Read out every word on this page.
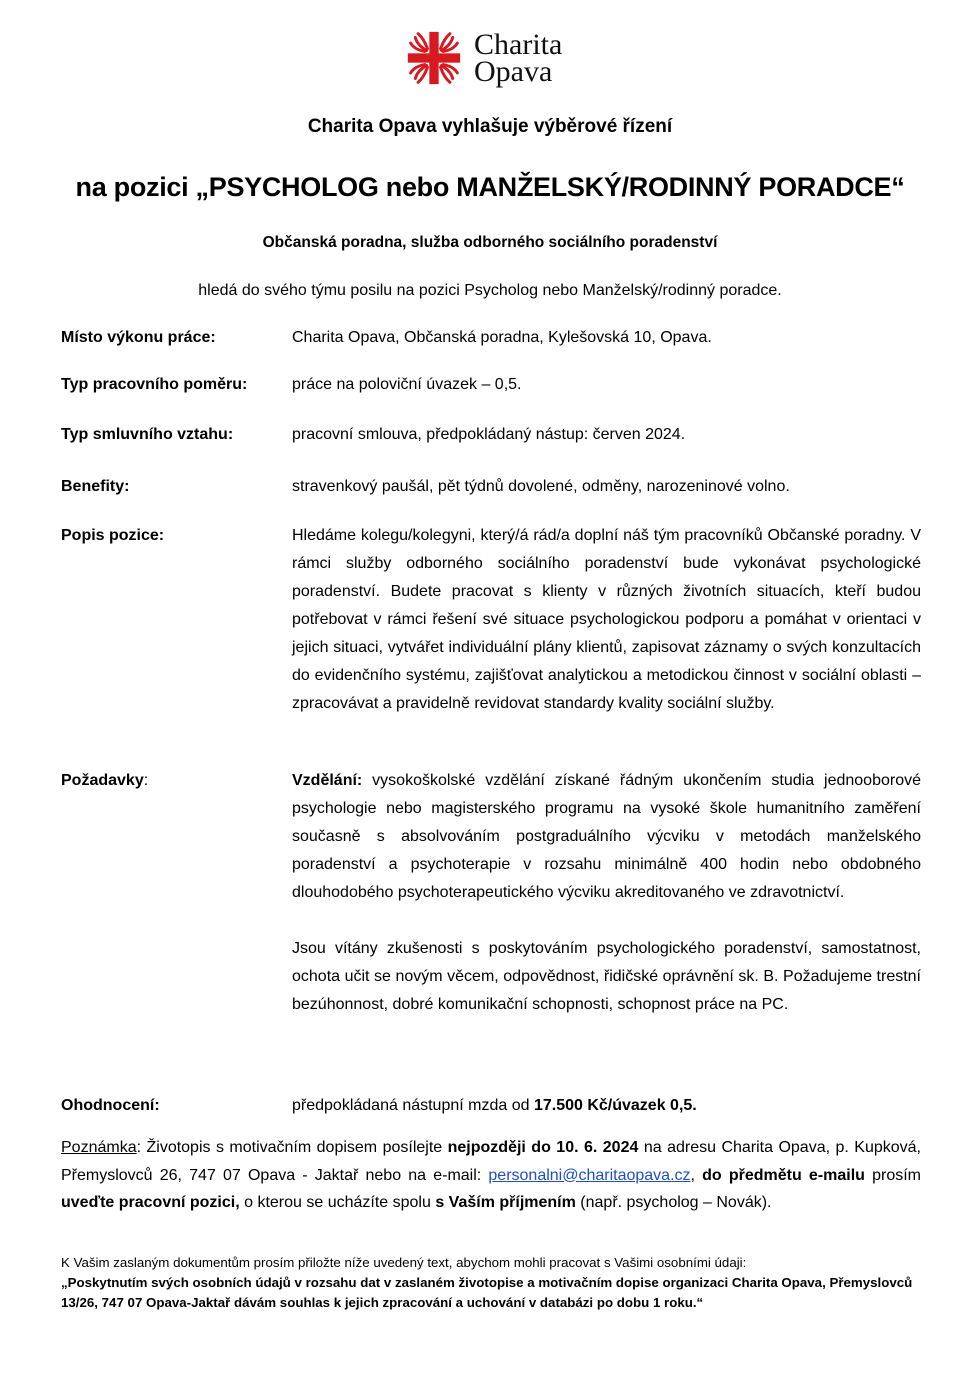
Charita
Opava
Charita Opava vyhlašuje výběrové řízení
na pozici „PSYCHOLOG nebo MANŽELSKÝ/RODINNÝ PORADCE“
Občanská poradna, služba odborného sociálního poradenství
hledá do svého týmu posilu na pozici Psycholog nebo Manželský/rodinný poradce.
Místo výkonu práce:	Charita Opava, Občanská poradna, Kylešovská 10, Opava.
Typ pracovního poměru:	práce na poloviční úvazek – 0,5.
Typ smluvního vztahu:	pracovní smlouva, předpokládaný nástup: červen 2024.
Benefity:	stravenkový paušál, pět týdnů dovolené, odměny, narozeninové volno.
Popis pozice:	Hledáme kolegu/kolegyni, který/á rád/a doplní náš tým pracovníků Občanské poradny. V rámci služby odborného sociálního poradenství bude vykonávat psychologické poradenství. Budete pracovat s klienty v různých životních situacích, kteří budou potřebovat v rámci řešení své situace psychologickou podporu a pomáhat v orientaci v jejich situaci, vytvářet individuální plány klientů, zapisovat záznamy o svých konzultacích do evidenčního systému, zajišťovat analytickou a metodickou činnost v sociální oblasti – zpracovávat a pravidelně revidovat standardy kvality sociální služby.
Požadavky:	Vzdělání: vysokoškolské vzdělání získané řádným ukončením studia jednooborové psychologie nebo magisterského programu na vysoké škole humanitního zaměření současně s absolvováním postgraduálního výcviku v metodách manželského poradenství a psychoterapie v rozsahu minimálně 400 hodin nebo obdobného dlouhodobého psychoterapeutického výcviku akreditovaného ve zdravotnictví.

Jsou vítány zkušenosti s poskytováním psychologického poradenství, samostatnost, ochota učit se novým věcem, odpovědnost, řidičské oprávnění sk. B. Požadujeme trestní bezúhonnost, dobré komunikační schopnosti, schopnost práce na PC.

Ohodnocení:	předpokládaná nástupní mzda od 17.500 Kč/úvazek 0,5.
Poznámka: Životopis s motivačním dopisem posílejte nejpozději do 10. 6. 2024 na adresu Charita Opava, p. Kupková, Přemyslovců 26, 747 07 Opava - Jaktař nebo na e-mail: personalni@charitaopava.cz, do předmětu e-mailu prosím uveďte pracovní pozici, o kterou se ucházíte spolu s Vaším příjmením (např. psycholog – Novák).
K Vašim zaslaným dokumentům prosím přiložte níže uvedený text, abychom mohli pracovat s Vašimi osobními údaji:
„Poskytnutím svých osobních údajů v rozsahu dat v zaslaném životopise a motivačním dopise organizaci Charita Opava, Přemyslovců 13/26, 747 07 Opava-Jaktař dávám souhlas k jejich zpracování a uchování v databázi po dobu 1 roku.“
